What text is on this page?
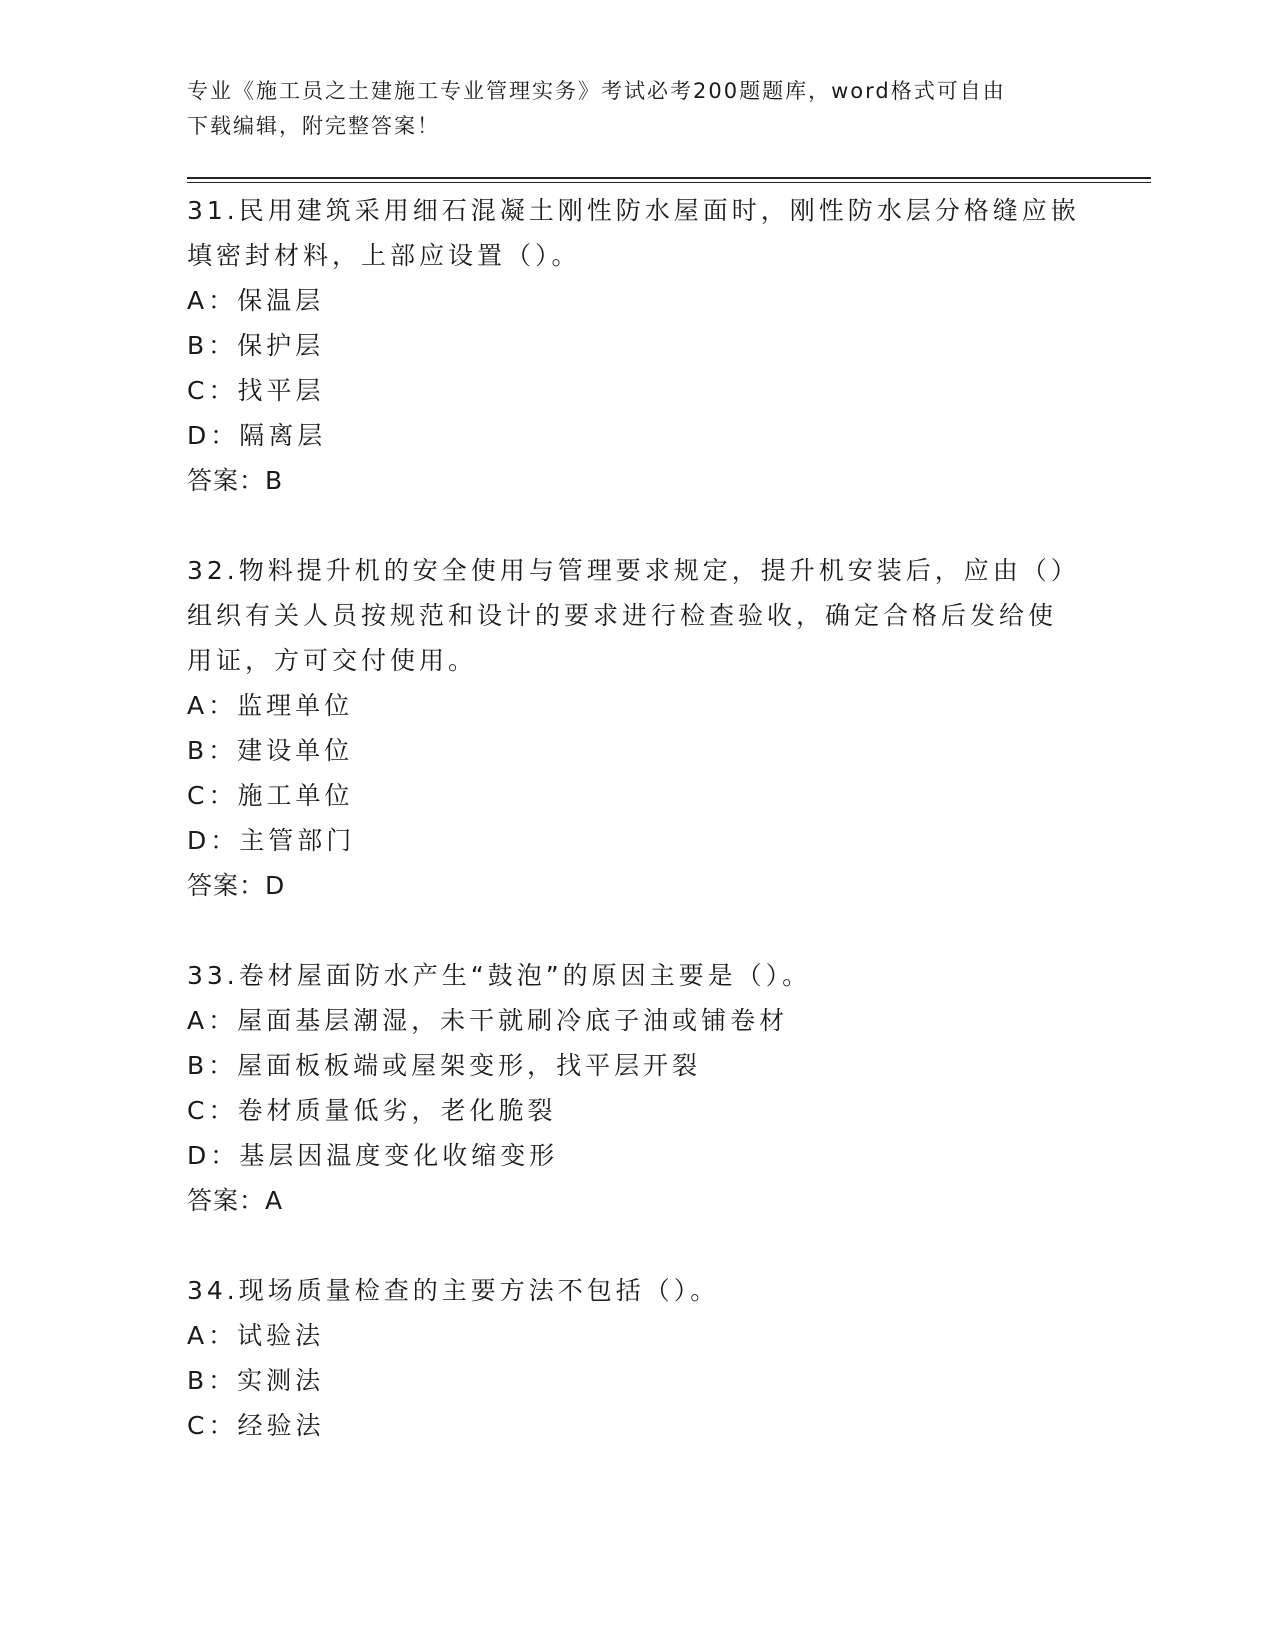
专业《施工员之土建施工专业管理实务》考试必考200题题库，word格式可自由
下载编辑，附完整答案！
31.民用建筑采用细石混凝土刚性防水屋面时，刚性防水层分格缝应嵌
填密封材料，上部应设置（）。
A：保温层
B：保护层
C：找平层
D：隔离层
答案：B
32.物料提升机的安全使用与管理要求规定，提升机安装后，应由（）
组织有关人员按规范和设计的要求进行检查验收，确定合格后发给使
用证，方可交付使用。
A：监理单位
B：建设单位
C：施工单位
D：主管部门
答案：D
33.卷材屋面防水产生“鼓泡”的原因主要是（）。
A：屋面基层潮湿，未干就刷冷底子油或铺卷材
B：屋面板板端或屋架变形，找平层开裂
C：卷材质量低劣，老化脆裂
D：基层因温度变化收缩变形
答案：A
34.现场质量检查的主要方法不包括（）。
A：试验法
B：实测法
C：经验法
